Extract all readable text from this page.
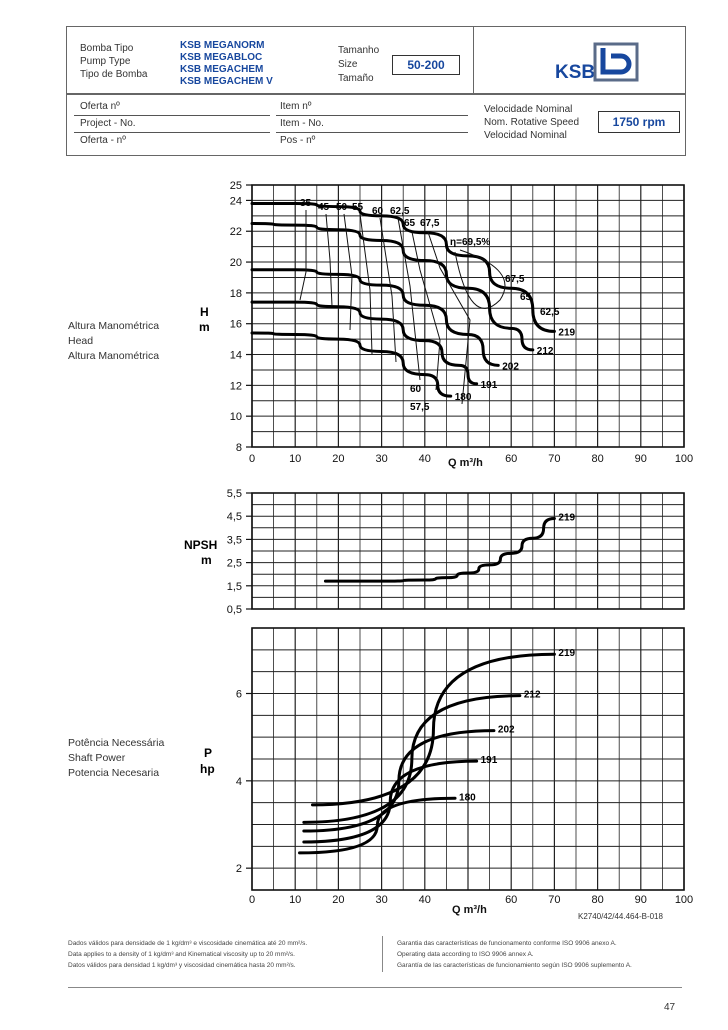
Bomba Tipo
Pump Type
Tipo de Bomba
KSB MEGANORM
KSB MEGABLOC
KSB MEGACHEM
KSB MEGACHEM V
Tamanho
Size
Tamaño
50-200	KSB
Oferta nº
Project - No.
Oferta - nº
Item nº
Item - No.
Pos - nº
Velocidade Nominal
Nom. Rotative Speed
Velocidad Nominal
1750 rpm
Altura Manométrica
Head
Altura Manométrica
Potência Necessária
Shaft Power
Potencia Necesaria
8
10
12
14
16
18
20
22
24
25
0	10	20	30	40	60	70	80	90	100
Q m³/h
219
212
202
191
180
35 45 50 55 60 62,5
65 67,5
η=69,5%
67,5
65
62,5
60
57,5
0,5
1,5
2,5
3,5
4,5
5,5
219
2
4
6
0	10	20	30	40	60	70	80	90	100
Q m³/h
219
212
202
191
180
H
m
NPSH
m
P
hp
K2740/42/44.464-B-018
Dados válidos para densidade de 1 kg/dm³ e viscosidade cinemática até 20 mm²/s.
Data applies to a density of 1 kg/dm³ and Kinematical viscosity up to 20 mm²/s.
Datos válidos para densidad 1 kg/dm³ y viscosidad cinemática hasta 20 mm²/s.
Garantia das características de funcionamento conforme ISO 9906 anexo A.
Operating data according to ISO 9906 annex A.
Garantía de las características de funcionamiento según ISO 9906 suplemento A.
47
